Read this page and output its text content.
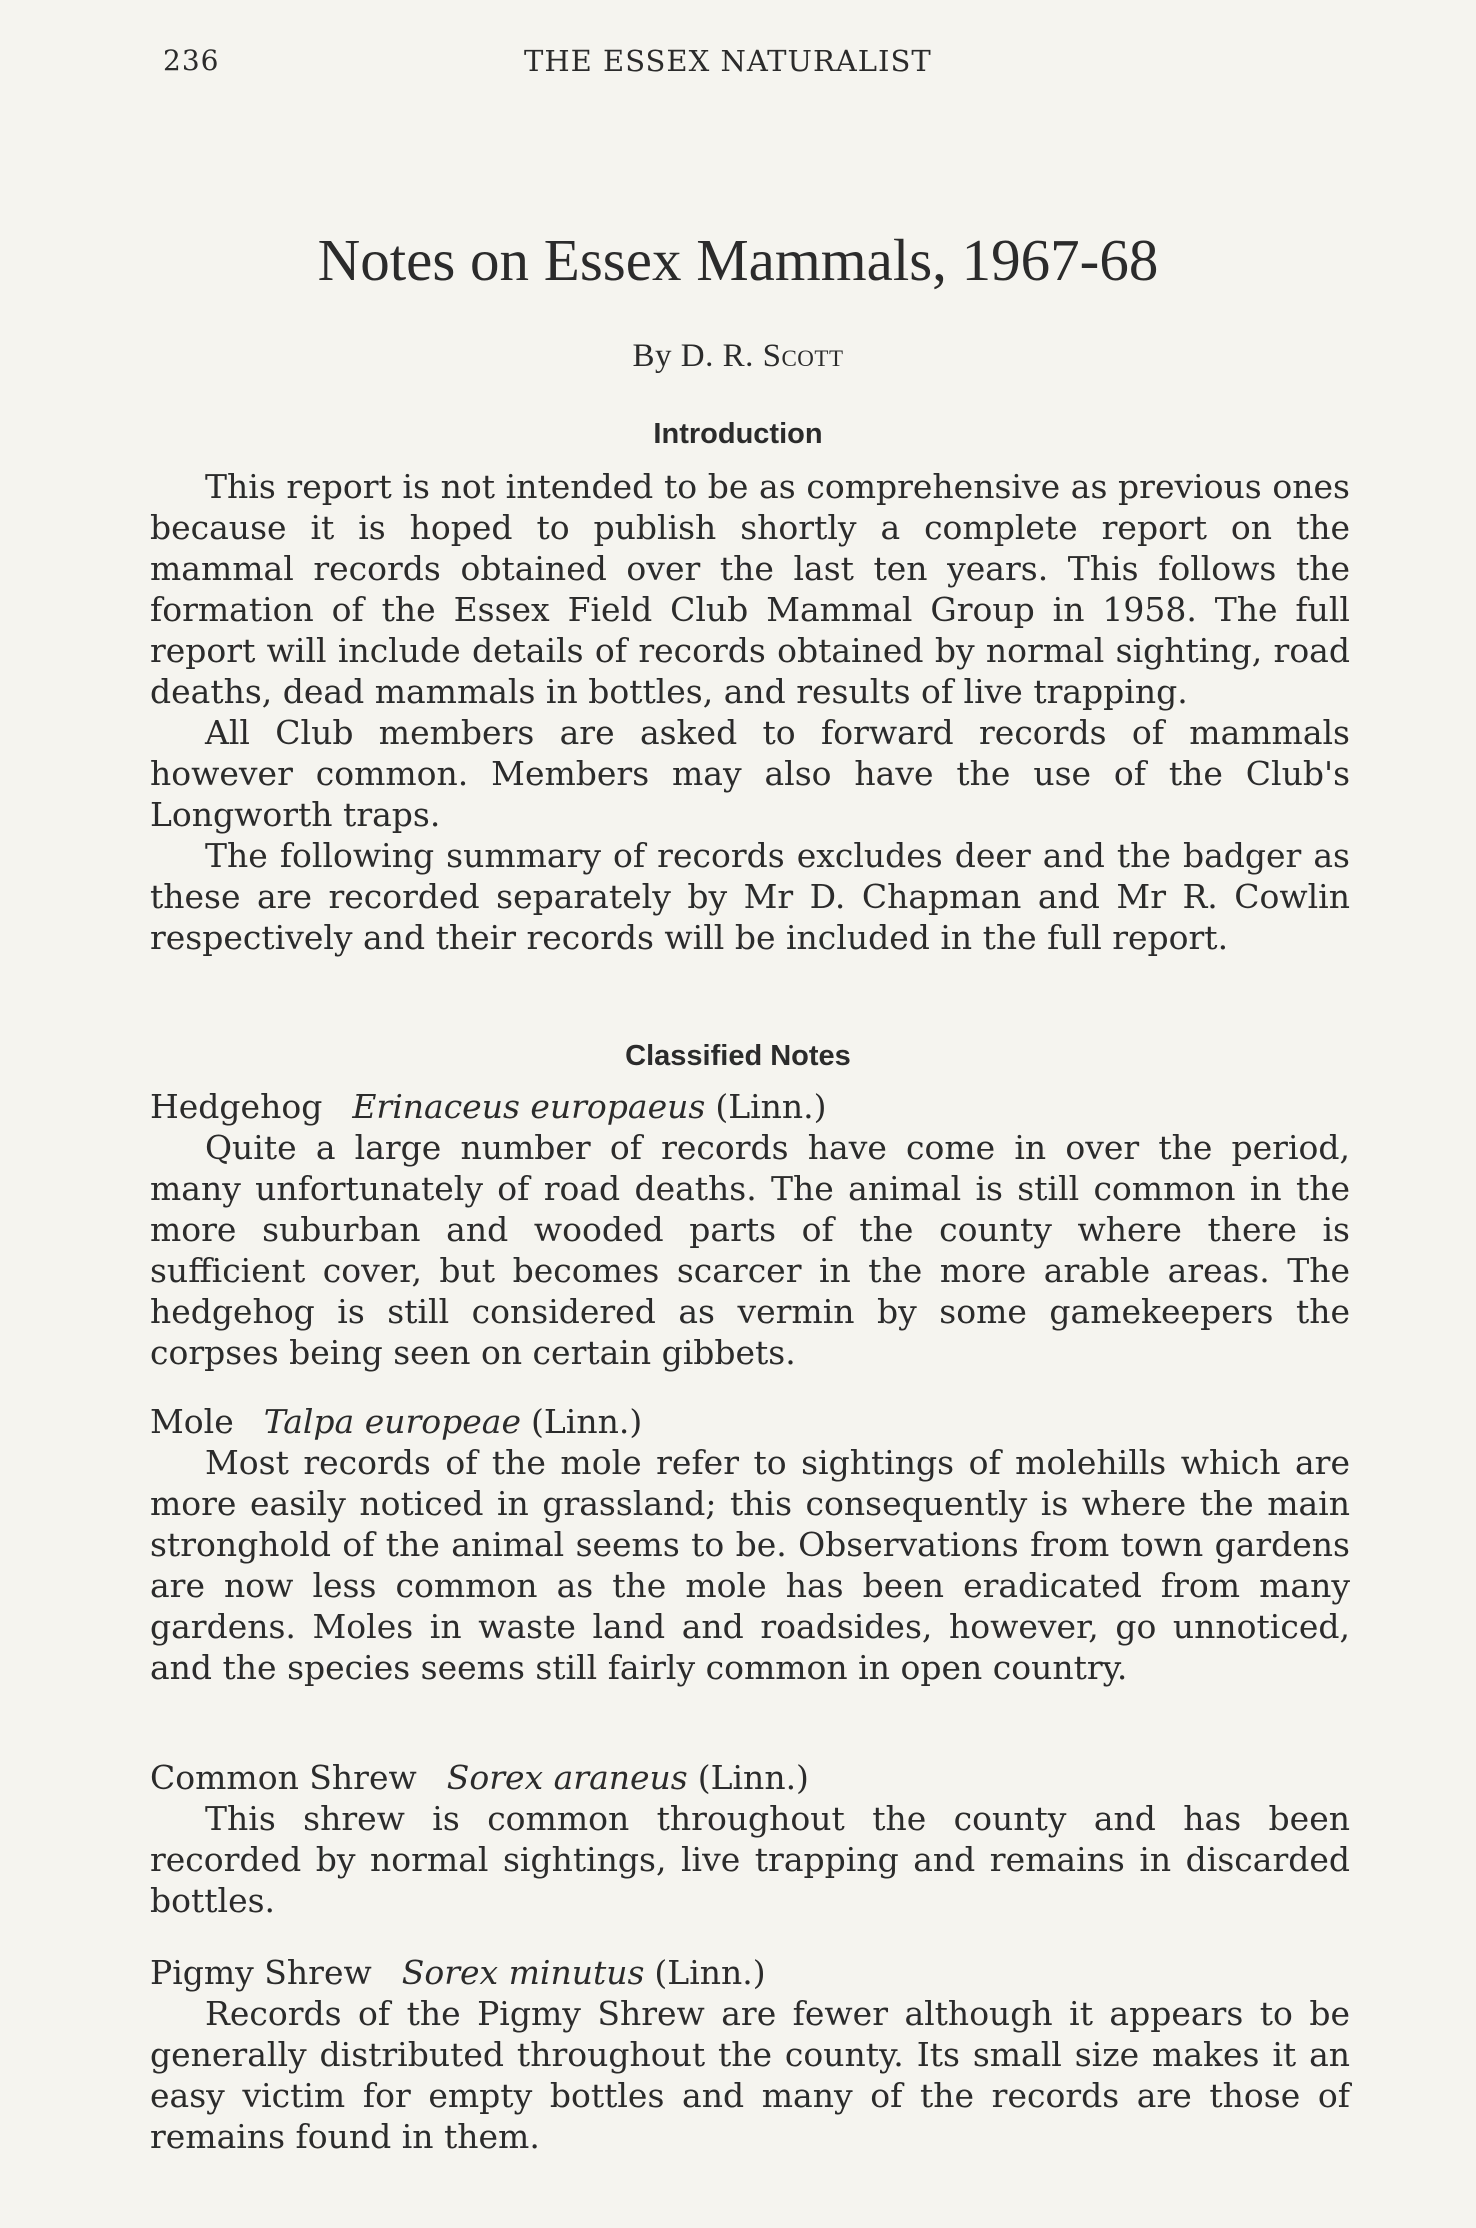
236	THE ESSEX NATURALIST
Notes on Essex Mammals, 1967-68
By D. R. Scott
Introduction

This report is not intended to be as comprehensive as previous ones because it is hoped to publish shortly a complete report on the mammal records obtained over the last ten years. This follows the formation of the Essex Field Club Mammal Group in 1958. The full report will include details of records obtained by normal sighting, road deaths, dead mammals in bottles, and results of live trapping.

All Club members are asked to forward records of mammals however common. Members may also have the use of the Club's Longworth traps.

The following summary of records excludes deer and the badger as these are recorded separately by Mr D. Chapman and Mr R. Cowlin respectively and their records will be included in the full report.

Classified Notes
Hedgehog Erinaceus europaeus (Linn.)

Quite a large number of records have come in over the period, many unfortunately of road deaths. The animal is still common in the more suburban and wooded parts of the county where there is sufficient cover, but becomes scarcer in the more arable areas. The hedgehog is still considered as vermin by some gamekeepers the corpses being seen on certain gibbets.

Mole Talpa europeae (Linn.)

Most records of the mole refer to sightings of molehills which are more easily noticed in grassland; this consequently is where the main stronghold of the animal seems to be. Observations from town gardens are now less common as the mole has been eradicated from many gardens. Moles in waste land and roadsides, however, go unnoticed, and the species seems still fairly common in open country.

Common Shrew Sorex araneus (Linn.)

This shrew is common throughout the county and has been recorded by normal sightings, live trapping and remains in discarded bottles.

Pigmy Shrew Sorex minutus (Linn.)

Records of the Pigmy Shrew are fewer although it appears to be generally distributed throughout the county. Its small size makes it an easy victim for empty bottles and many of the records are those of remains found in them.
